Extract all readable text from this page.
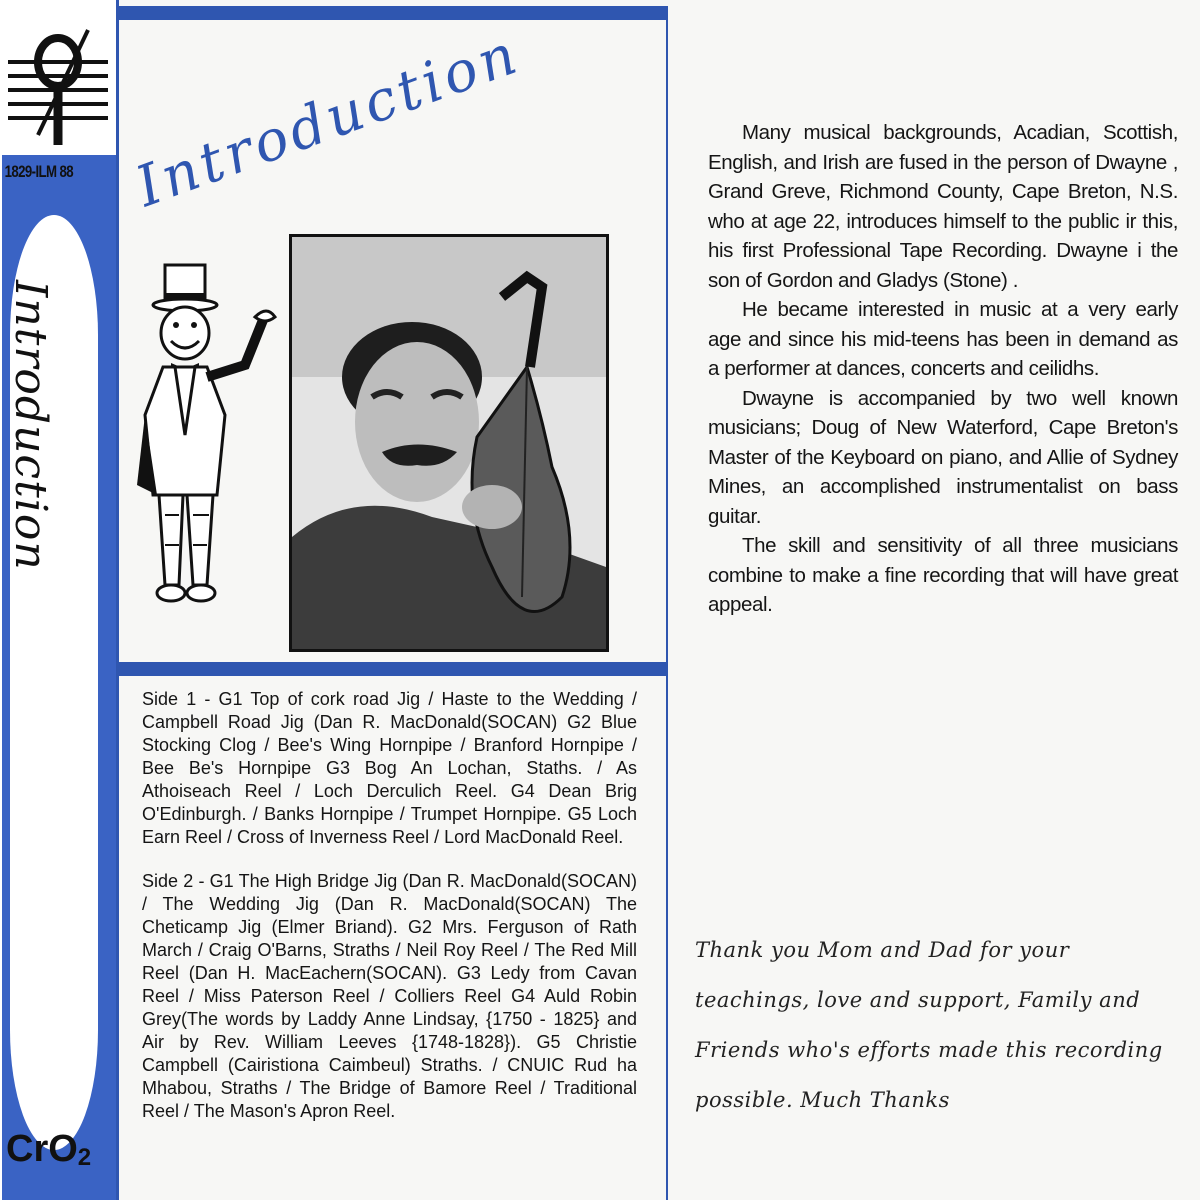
1829-ILM 88
Introduction
CrO$_2$
Introduction

Side 1 - G1 Top of cork road Jig / Haste to the Wedding / Campbell Road Jig (Dan R. MacDonald(SOCAN) G2 Blue Stocking Clog / Bee's Wing Hornpipe / Branford Hornpipe / Bee Be's Hornpipe G3 Bog An Lochan, Staths. / As Athoiseach Reel / Loch Derculich Reel. G4 Dean Brig O'Edinburgh. / Banks Hornpipe / Trumpet Hornpipe. G5 Loch Earn Reel / Cross of Inverness Reel / Lord MacDonald Reel.

Side 2 - G1 The High Bridge Jig (Dan R. MacDonald(SOCAN) / The Wedding Jig (Dan R. MacDonald(SOCAN) The Cheticamp Jig (Elmer Briand). G2 Mrs. Ferguson of Rath March / Craig O'Barns, Straths / Neil Roy Reel / The Red Mill Reel (Dan H. MacEachern(SOCAN). G3 Ledy from Cavan Reel / Miss Paterson Reel / Colliers Reel G4 Auld Robin Grey(The words by Laddy Anne Lindsay, {1750 - 1825} and Air by Rev. William Leeves {1748-1828}). G5 Christie Campbell (Cairistiona Caimbeul) Straths. / CNUIC Rud ha Mhabou, Straths / The Bridge of Bamore Reel / Traditional Reel / The Mason's Apron Reel.

Many musical backgrounds, Acadian, Scottish, English, and Irish are fused in the person of Dwayne , Grand Greve, Richmond County, Cape Breton, N.S. who at age 22, introduces himself to the public ir this, his first Professional Tape Recording. Dwayne i the son of Gordon and Gladys (Stone) .

He became interested in music at a very early age and since his mid-teens has been in demand as a performer at dances, concerts and ceilidhs.

Dwayne is accompanied by two well known musicians; Doug of New Waterford, Cape Breton's Master of the Keyboard on piano, and Allie of Sydney Mines, an accomplished instrumentalist on bass guitar.

The skill and sensitivity of all three musicians combine to make a fine recording that will have great appeal.

Thank you Mom and Dad for your teachings, love and support, Family and Friends who's efforts made this recording possible. Much Thanks
